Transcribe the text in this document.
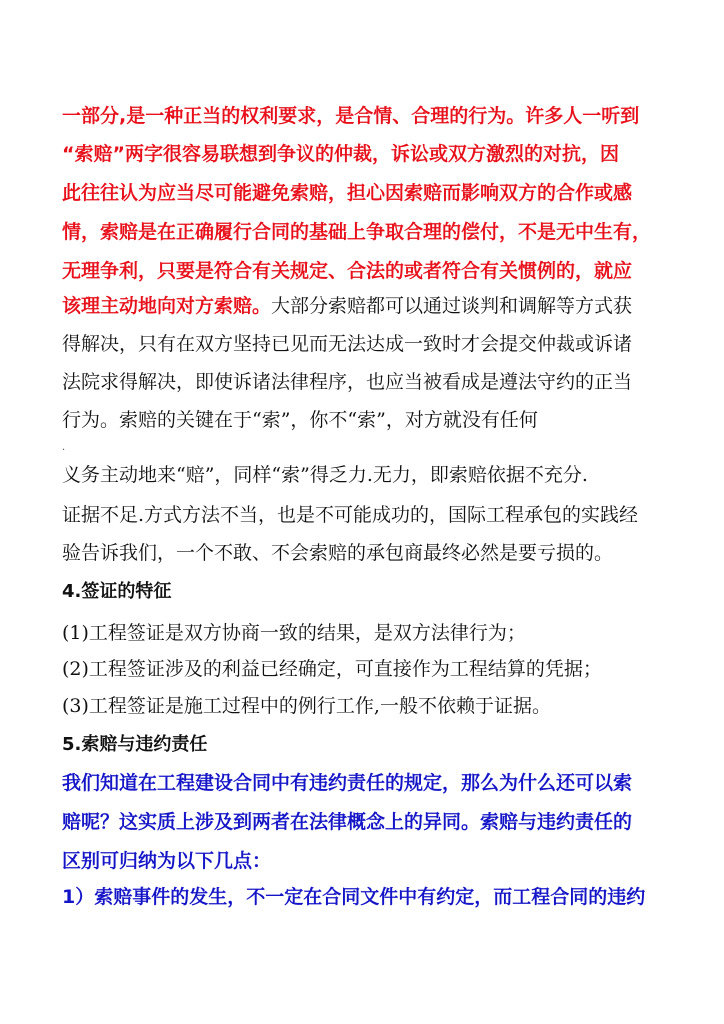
一部分,是一种正当的权利要求，是合情、合理的行为。许多人一听到
“索赔”两字很容易联想到争议的仲裁，诉讼或双方激烈的对抗，因
此往往认为应当尽可能避免索赔，担心因索赔而影响双方的合作或感
情，索赔是在正确履行合同的基础上争取合理的偿付，不是无中生有，
无理争利，只要是符合有关规定、合法的或者符合有关惯例的，就应
该理主动地向对方索赔。大部分索赔都可以通过谈判和调解等方式获
得解决，只有在双方坚持已见而无法达成一致时才会提交仲裁或诉诸
法院求得解决，即使诉诸法律程序，也应当被看成是遵法守约的正当
行为。索赔的关键在于“索”，你不“索”，对方就没有任何
·
义务主动地来“赔”，同样“索”得乏力.无力，即索赔依据不充分.
证据不足.方式方法不当，也是不可能成功的，国际工程承包的实践经
验告诉我们，一个不敢、不会索赔的承包商最终必然是要亏损的。
4.签证的特征
(1)工程签证是双方协商一致的结果，是双方法律行为；
(2)工程签证涉及的利益已经确定，可直接作为工程结算的凭据；
(3)工程签证是施工过程中的例行工作,一般不依赖于证据。
5.索赔与违约责任
我们知道在工程建设合同中有违约责任的规定，那么为什么还可以索
赔呢？这实质上涉及到两者在法律概念上的异同。索赔与违约责任的
区别可归纳为以下几点：
1）索赔事件的发生，不一定在合同文件中有约定，而工程合同的违约
